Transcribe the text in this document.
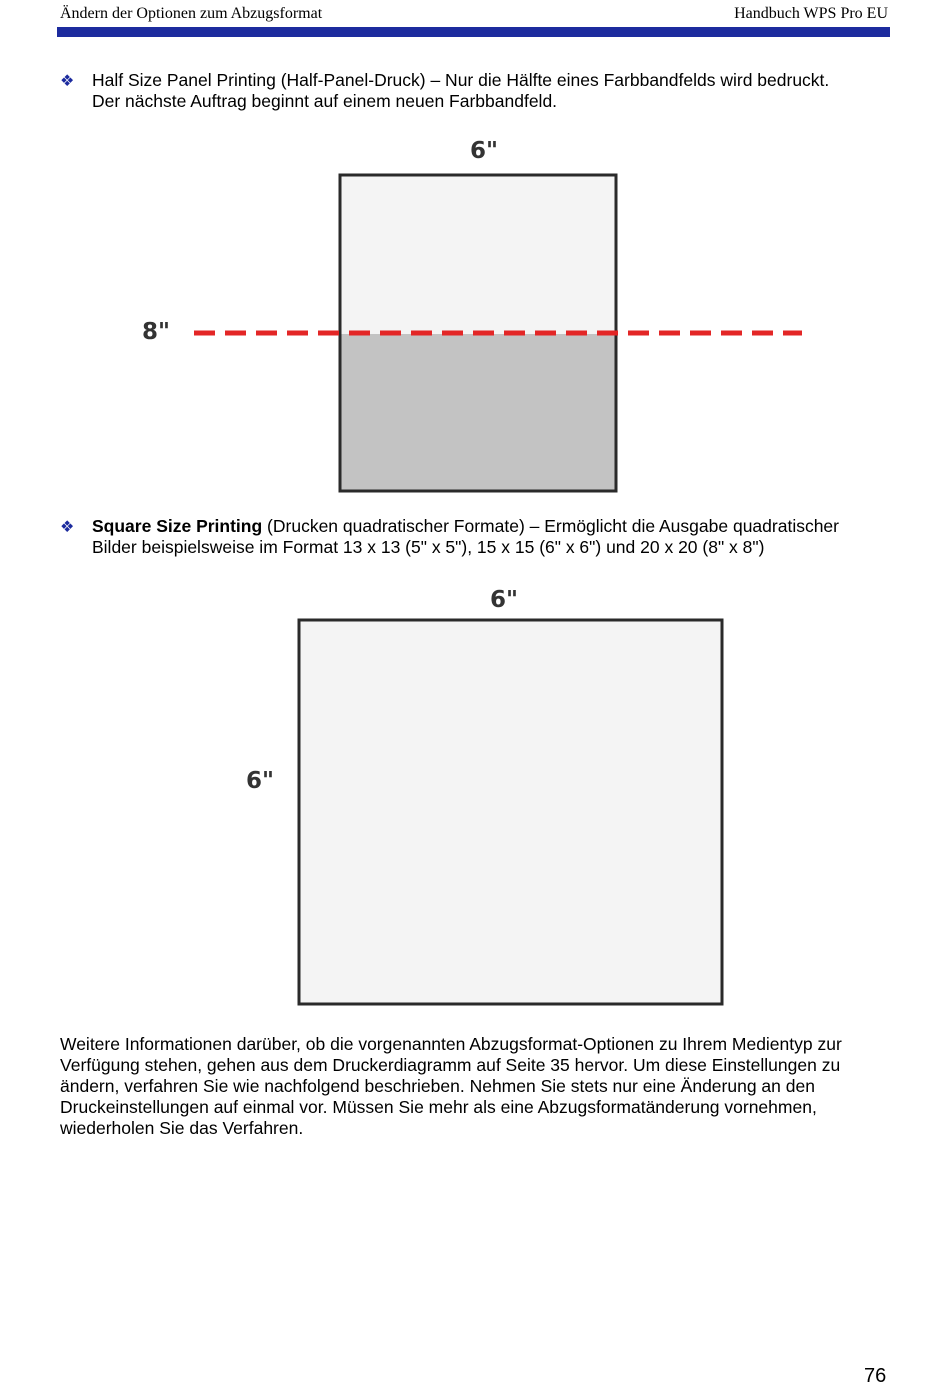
Ändern der Optionen zum Abzugsformat	Handbuch WPS Pro EU
❖ Half Size Panel Printing (Half-Panel-Druck) – Nur die Hälfte eines Farbbandfelds wird bedruckt.
Der nächste Auftrag beginnt auf einem neuen Farbbandfeld.
6"
8"
❖ Square Size Printing (Drucken quadratischer Formate) – Ermöglicht die Ausgabe quadratischer
Bilder beispielsweise im Format 13 x 13 (5" x 5"), 15 x 15 (6" x 6") und 20 x 20 (8" x 8")
6"
6"
Weitere Informationen darüber, ob die vorgenannten Abzugsformat-Optionen zu Ihrem Medientyp zur
Verfügung stehen, gehen aus dem Druckerdiagramm auf Seite 35 hervor. Um diese Einstellungen zu
ändern, verfahren Sie wie nachfolgend beschrieben. Nehmen Sie stets nur eine Änderung an den
Druckeinstellungen auf einmal vor. Müssen Sie mehr als eine Abzugsformatänderung vornehmen,
wiederholen Sie das Verfahren.
76
